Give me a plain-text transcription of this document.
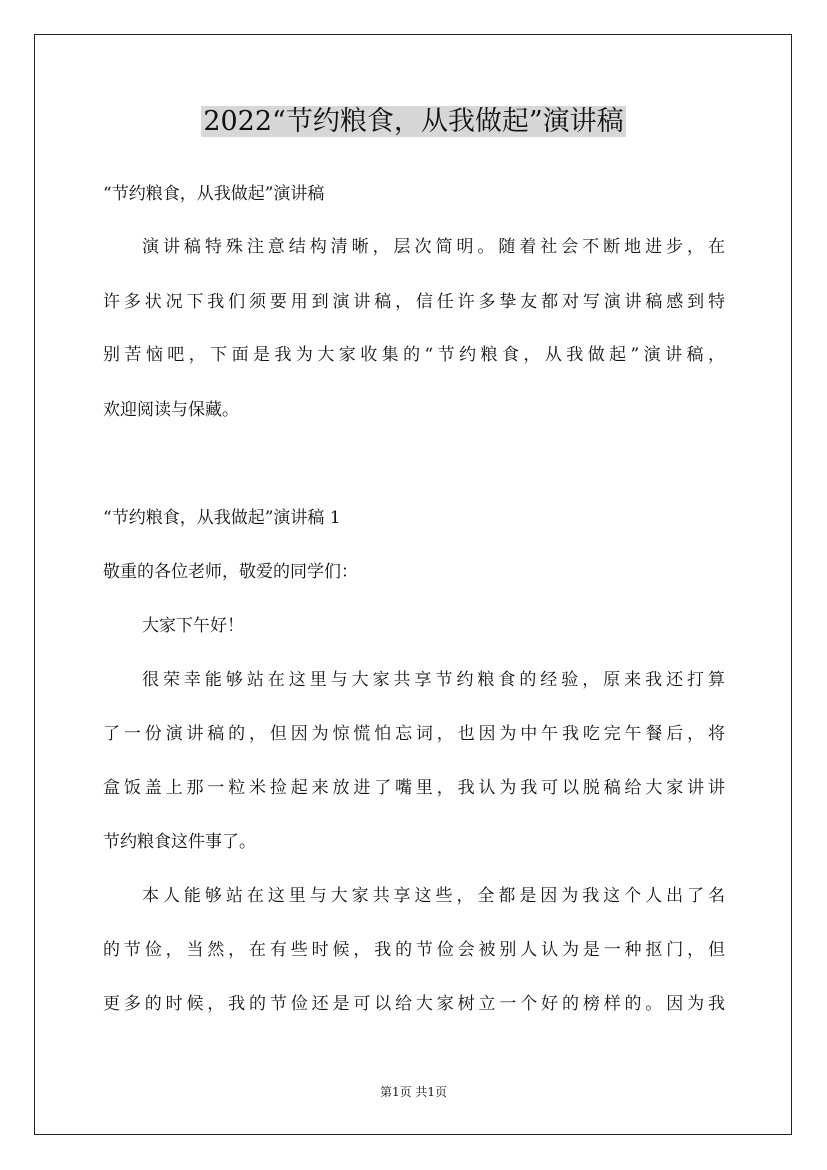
2022“节约粮食，从我做起”演讲稿
“节约粮食，从我做起”演讲稿
演讲稿特殊注意结构清晰，层次简明。随着社会不断地进步，在
许多状况下我们须要用到演讲稿，信任许多挚友都对写演讲稿感到特
别苦恼吧，下面是我为大家收集的“节约粮食，从我做起”演讲稿，
欢迎阅读与保藏。
“节约粮食，从我做起”演讲稿 1
敬重的各位老师，敬爱的同学们：
大家下午好！
很荣幸能够站在这里与大家共享节约粮食的经验，原来我还打算
了一份演讲稿的，但因为惊慌怕忘词，也因为中午我吃完午餐后，将
盒饭盖上那一粒米捡起来放进了嘴里，我认为我可以脱稿给大家讲讲
节约粮食这件事了。
本人能够站在这里与大家共享这些，全都是因为我这个人出了名
的节俭，当然，在有些时候，我的节俭会被别人认为是一种抠门，但
更多的时候，我的节俭还是可以给大家树立一个好的榜样的。因为我
第1页 共1页
